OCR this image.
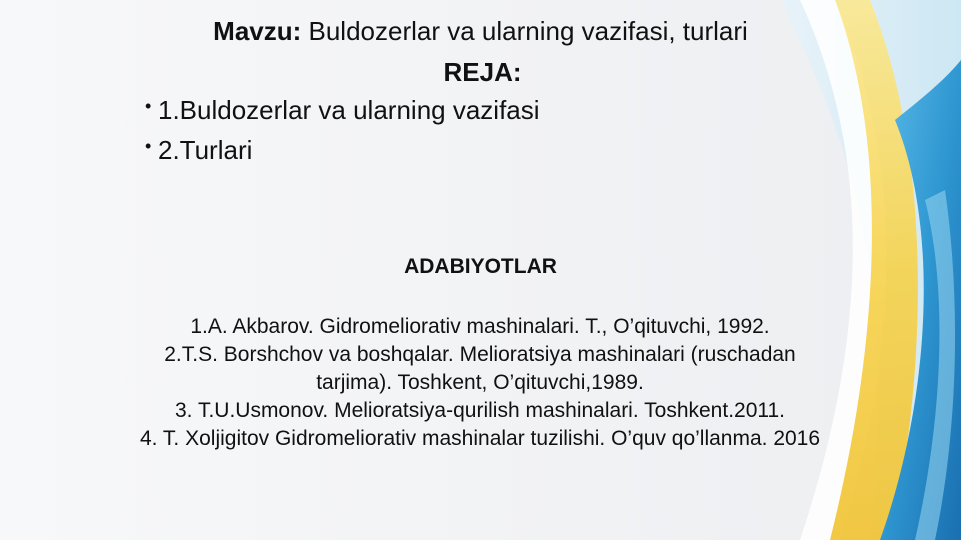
Mavzu: Buldozerlar va ularning vazifasi, turlari
REJA:
• 1.Buldozerlar va ularning vazifasi
• 2.Turlari
ADABIYOTLAR
1.A. Akbarov. Gidromeliorativ mashinalari. T., O’qituvchi, 1992.
2.T.S. Borshchov va boshqalar. Melioratsiya mashinalari (ruschadan tarjima). Toshkent, O’qituvchi,1989.
3. T.U.Usmonov. Melioratsiya-qurilish mashinalari. Toshkent.2011.
4. T. Xoljigitov Gidromeliorativ mashinalar tuzilishi. O’quv qo’llanma. 2016
